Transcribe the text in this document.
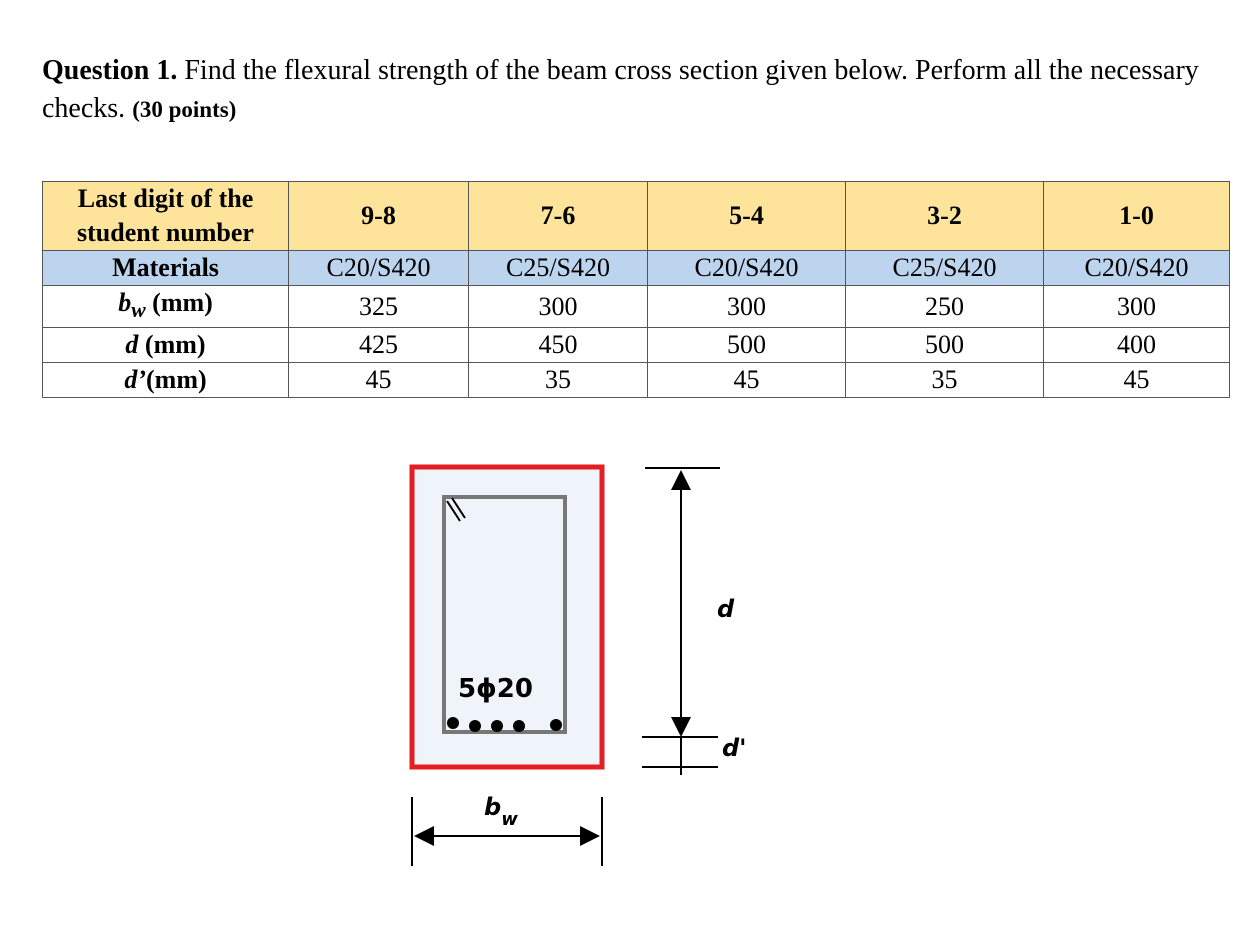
Question 1. Find the flexural strength of the beam cross section given below. Perform all the necessary checks. (30 points)

Last digit of the student number	9-8	7-6	5-4	3-2	1-0
Materials	C20/S420	C25/S420	C20/S420	C25/S420	C20/S420
$b_w$ (mm)	325	300	300	250	300
d (mm)	425	450	500	500	400
d’(mm)	45	35	45	35	45
5ϕ20
d
d'
$b_w$
